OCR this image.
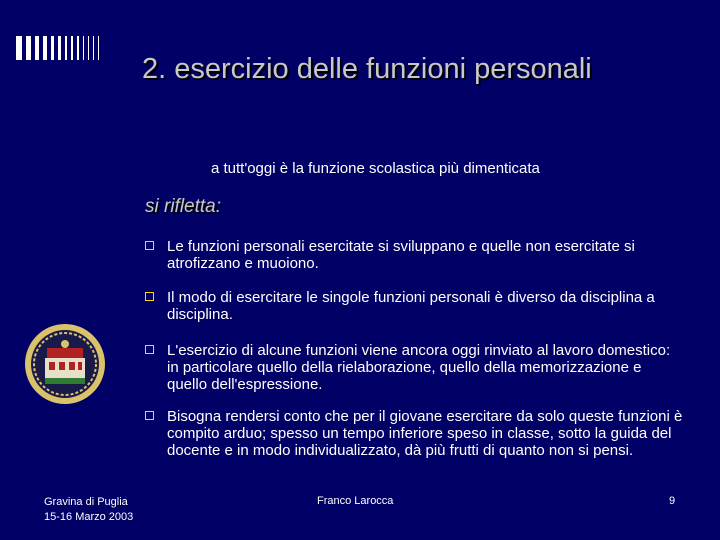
2. esercizio delle funzioni personali
a tutt'oggi è la funzione scolastica più dimenticata
si rifletta:
Le funzioni personali esercitate si sviluppano e quelle non esercitate si atrofizzano e muoiono.
Il modo di esercitare le singole funzioni personali è diverso da disciplina a disciplina.
L'esercizio di alcune funzioni viene ancora oggi rinviato al lavoro domestico: in particolare quello della rielaborazione, quello della memorizzazione e quello dell'espressione.
Bisogna rendersi conto che per il giovane esercitare da solo queste funzioni è compito arduo; spesso un tempo inferiore speso in classe, sotto la guida del docente e in modo individualizzato, dà più frutti di quanto non si pensi.
Gravina di Puglia
15-16 Marzo 2003
Franco Larocca	9
